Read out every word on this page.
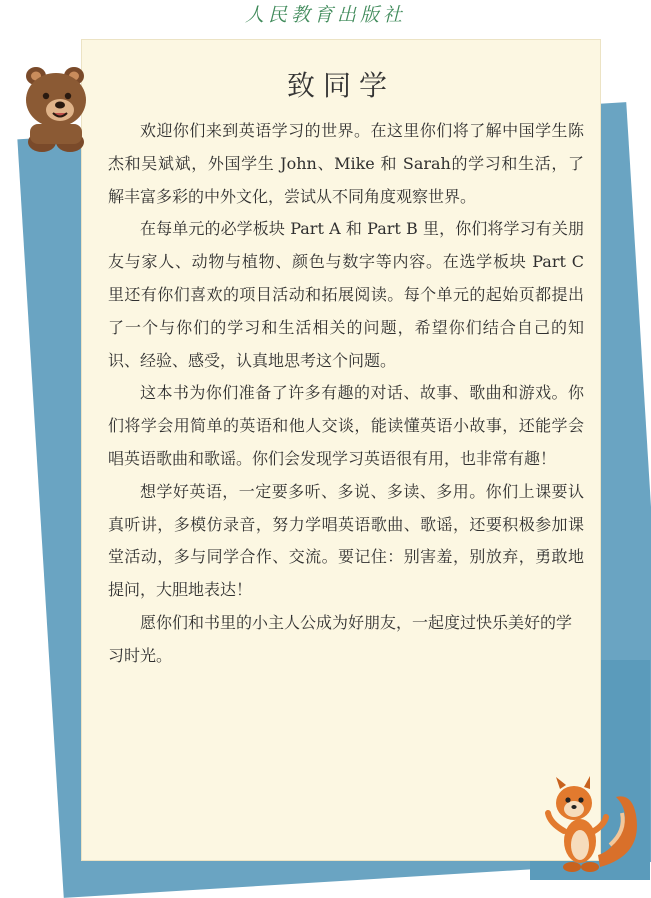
人民教育出版社
致同学

欢迎你们来到英语学习的世界。在这里你们将了解中国学生陈杰和吴斌斌，外国学生 John、Mike 和 Sarah的学习和生活，了解丰富多彩的中外文化，尝试从不同角度观察世界。

在每单元的必学板块 Part A 和 Part B 里，你们将学习有关朋友与家人、动物与植物、颜色与数字等内容。在选学板块 Part C 里还有你们喜欢的项目活动和拓展阅读。每个单元的起始页都提出了一个与你们的学习和生活相关的问题，希望你们结合自己的知识、经验、感受，认真地思考这个问题。

这本书为你们准备了许多有趣的对话、故事、歌曲和游戏。你们将学会用简单的英语和他人交谈，能读懂英语小故事，还能学会唱英语歌曲和歌谣。你们会发现学习英语很有用，也非常有趣！

想学好英语，一定要多听、多说、多读、多用。你们上课要认真听讲，多模仿录音，努力学唱英语歌曲、歌谣，还要积极参加课堂活动，多与同学合作、交流。要记住：别害羞，别放弃，勇敢地提问，大胆地表达！

愿你们和书里的小主人公成为好朋友，一起度过快乐美好的学习时光。
